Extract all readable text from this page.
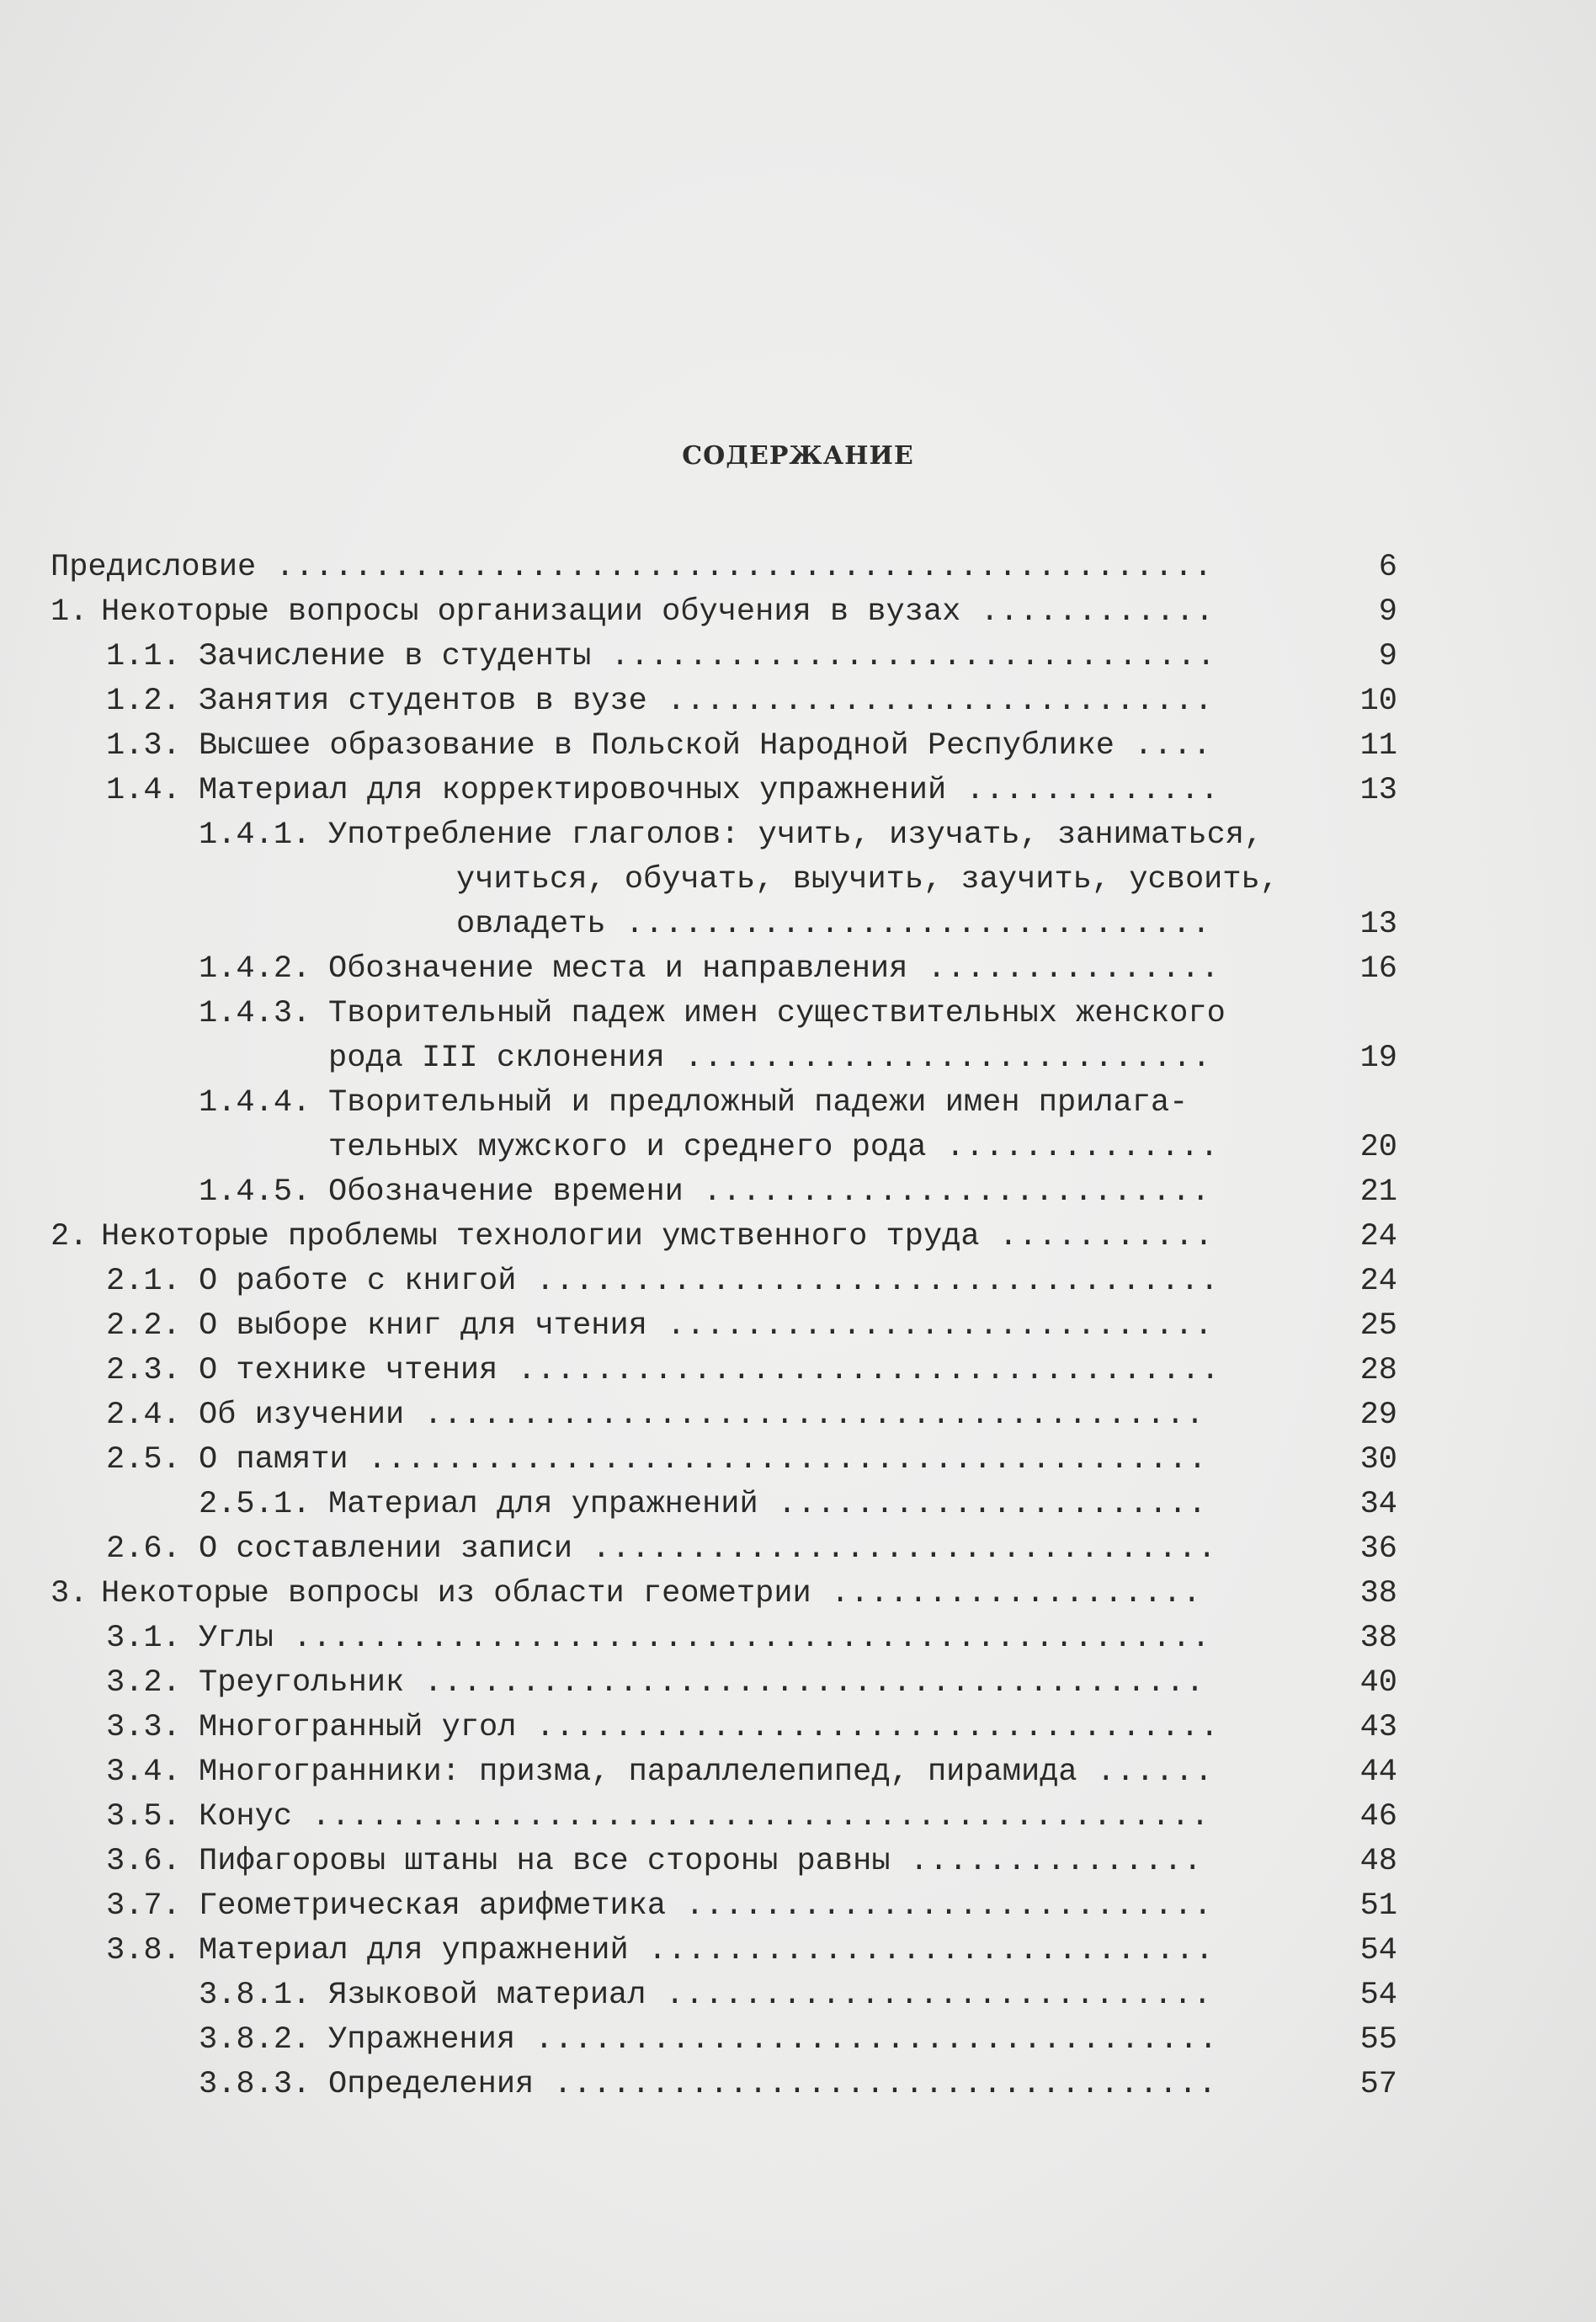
СОДЕРЖАНИЕ
Предисловие ................................................	6
1. Некоторые вопросы организации обучения в вузах ............	9
1.1. Зачисление в студенты ...............................	9
1.2. Занятия студентов в вузе ............................	10
1.3. Высшее образование в Польской Народной Республике ....	11
1.4. Материал для корректировочных упражнений .............	13
1.4.1. Употребление глаголов: учить, изучать, заниматься,
учиться, обучать, выучить, заучить, усвоить,
овладеть ..............................	13
1.4.2. Обозначение места и направления ...............	16
1.4.3. Творительный падеж имен существительных женского
рода III склонения ...........................	19
1.4.4. Творительный и предложный падежи имен прилага-
тельных мужского и среднего рода ..............	20
1.4.5. Обозначение времени ..........................	21
2. Некоторые проблемы технологии умственного труда ...........	24
2.1. О работе с книгой ...................................	24
2.2. О выборе книг для чтения ............................	25
2.3. О технике чтения ....................................	28
2.4. Об изучении ........................................	29
2.5. О памяти ...........................................	30
2.5.1. Материал для упражнений ......................	34
2.6. О составлении записи ................................	36
3. Некоторые вопросы из области геометрии ...................	38
3.1. Углы ...............................................	38
3.2. Треугольник ........................................	40
3.3. Многогранный угол ...................................	43
3.4. Многогранники: призма, параллелепипед, пирамида ......	44
3.5. Конус ..............................................	46
3.6. Пифагоровы штаны на все стороны равны ...............	48
3.7. Геометрическая арифметика ...........................	51
3.8. Материал для упражнений .............................	54
3.8.1. Языковой материал ............................	54
3.8.2. Упражнения ...................................	55
3.8.3. Определения ..................................	57
